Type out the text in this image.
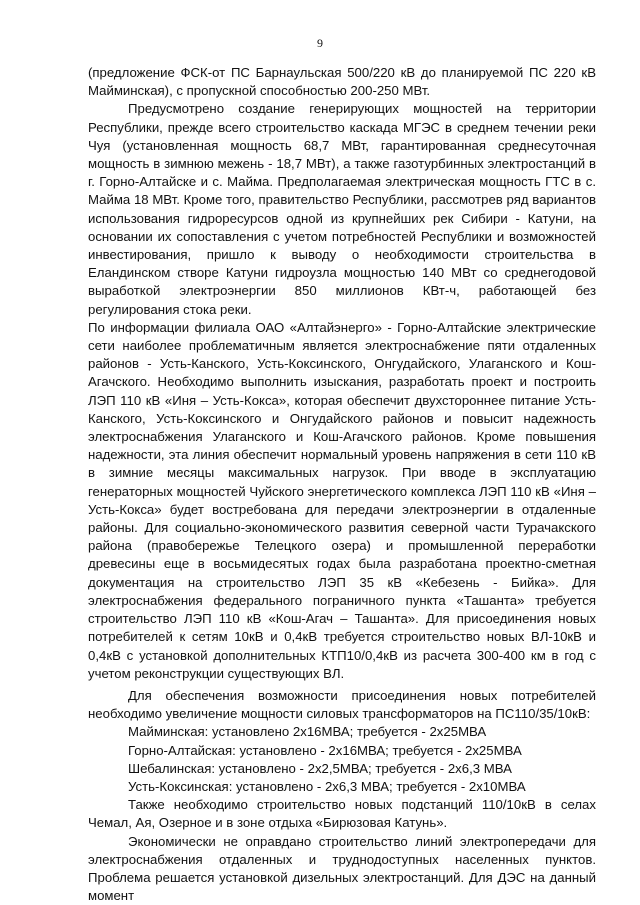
9

(предложение ФСК-от ПС Барнаульская 500/220 кВ до планируемой ПС 220 кВ Майминская), с пропускной способностью 200-250 МВт.

Предусмотрено создание генерирующих мощностей на территории Республики, прежде всего строительство каскада МГЭС в среднем течении реки Чуя (установленная мощность 68,7 МВт, гарантированная среднесуточная мощность в зимнюю межень - 18,7 МВт), а также газотурбинных электростанций в г. Горно-Алтайске и с. Майма. Предполагаемая электрическая мощность ГТС в с. Майма 18 МВт. Кроме того, правительство Республики, рассмотрев ряд вариантов использования гидроресурсов одной из крупнейших рек Сибири - Катуни, на основании их сопоставления с учетом потребностей Республики и возможностей инвестирования, пришло к выводу о необходимости строительства в Еландинском створе Катуни гидроузла мощностью 140 МВт со среднегодовой выработкой электроэнергии 850 миллионов КВт-ч, работающей без регулирования стока реки.

По информации филиала ОАО «Алтайэнерго» - Горно-Алтайские электрические сети наиболее проблематичным является электроснабжение пяти отдаленных районов - Усть-Канского, Усть-Коксинского, Онгудайского, Улаганского и Кош-Агачского. Необходимо выполнить изыскания, разработать проект и построить ЛЭП 110 кВ «Иня – Усть-Кокса», которая обеспечит двухстороннее питание Усть-Канского, Усть-Коксинского и Онгудайского районов и повысит надежность электроснабжения Улаганского и Кош-Агачского районов. Кроме повышения надежности, эта линия обеспечит нормальный уровень напряжения в сети 110 кВ в зимние месяцы максимальных нагрузок. При вводе в эксплуатацию генераторных мощностей Чуйского энергетического комплекса ЛЭП 110 кВ «Иня – Усть-Кокса» будет востребована для передачи электроэнергии в отдаленные районы. Для социально-экономического развития северной части Турачакского района (правобережье Телецкого озера) и промышленной переработки древесины еще в восьмидесятых годах была разработана проектно-сметная документация на строительство ЛЭП 35 кВ «Кебезень - Бийка». Для электроснабжения федерального пограничного пункта «Ташанта» требуется строительство ЛЭП 110 кВ «Кош-Агач – Ташанта». Для присоединения новых потребителей к сетям 10кВ и 0,4кВ требуется строительство новых ВЛ-10кВ и 0,4кВ с установкой дополнительных КТП10/0,4кВ из расчета 300-400 км в год с учетом реконструкции существующих ВЛ.

Для обеспечения возможности присоединения новых потребителей необходимо увеличение мощности силовых трансформаторов на ПС110/35/10кВ:

Майминская: установлено 2х16МВА; требуется - 2х25МВА

Горно-Алтайская: установлено - 2х16МВА; требуется - 2х25МВА

Шебалинская: установлено - 2х2,5МВА; требуется - 2х6,3 МВА

Усть-Коксинская: установлено - 2х6,3 МВА; требуется - 2х10МВА

Также необходимо строительство новых подстанций 110/10кВ в селах Чемал, Ая, Озерное и в зоне отдыха «Бирюзовая Катунь».

Экономически не оправдано строительство линий электропередачи для электроснабжения отдаленных и труднодоступных населенных пунктов. Проблема решается установкой дизельных электростанций. Для ДЭС на данный момент
